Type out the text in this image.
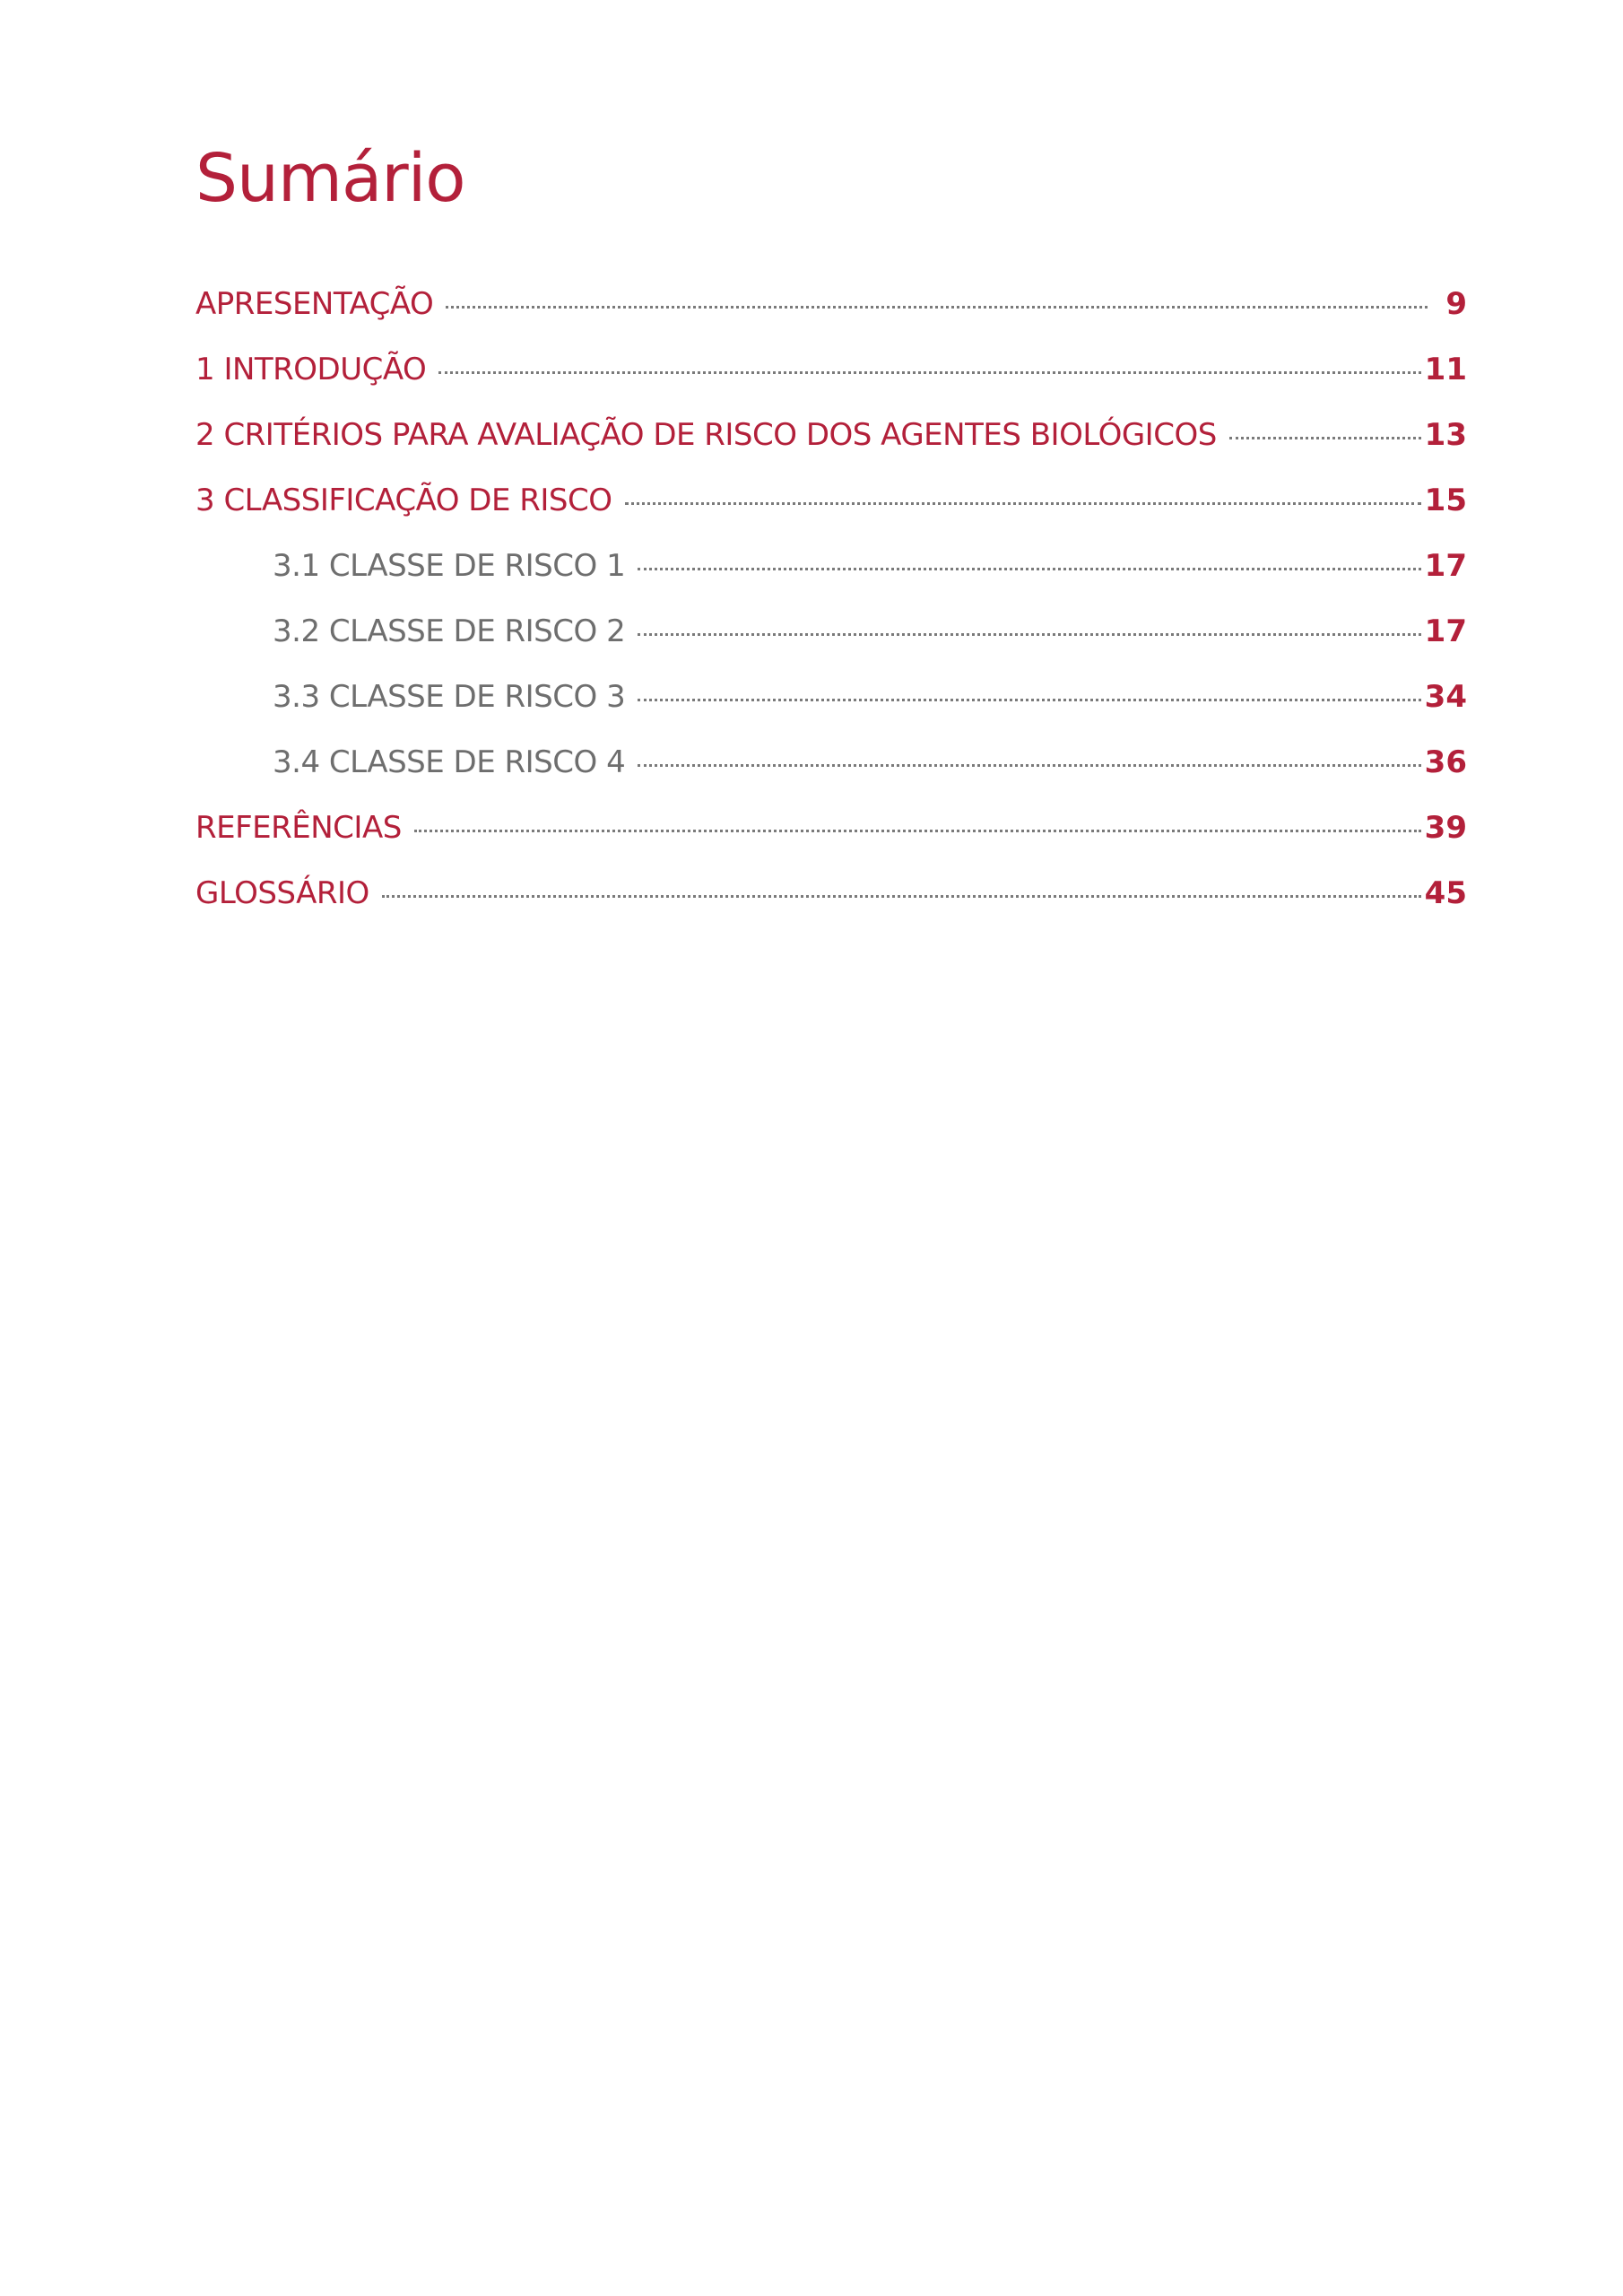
Sumário
APRESENTAÇÃO	9
1 INTRODUÇÃO	11
2 CRITÉRIOS PARA AVALIAÇÃO DE RISCO DOS AGENTES BIOLÓGICOS	13
3 CLASSIFICAÇÃO DE RISCO	15
3.1 CLASSE DE RISCO 1	17
3.2 CLASSE DE RISCO 2	17
3.3 CLASSE DE RISCO 3	34
3.4 CLASSE DE RISCO 4	36
REFERÊNCIAS	39
GLOSSÁRIO	45
